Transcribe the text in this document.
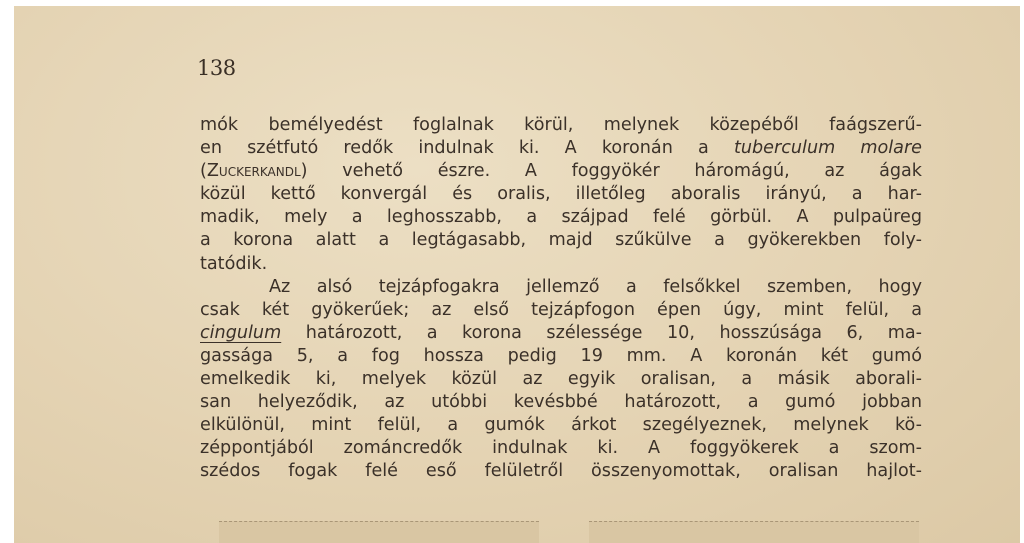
138
mók bemélyedést foglalnak körül, melynek közepéből faágszerű-
en szétfutó redők indulnak ki. A koronán a tuberculum molare
(Zuckerkandl) vehető észre. A foggyökér háromágú, az ágak
közül kettő konvergál és oralis, illetőleg aboralis irányú, a har-
madik, mely a leghosszabb, a szájpad felé görbül. A pulpaüreg
a korona alatt a legtágasabb, majd szűkülve a gyökerekben foly-
tatódik.
Az alsó tejzápfogakra jellemző a felsőkkel szemben, hogy
csak két gyökerűek; az első tejzápfogon épen úgy, mint felül, a
cingulum határozott, a korona szélessége 10, hosszúsága 6, ma-
gassága 5, a fog hossza pedig 19 mm. A koronán két gumó
emelkedik ki, melyek közül az egyik oralisan, a másik aborali-
san helyeződik, az utóbbi kevésbbé határozott, a gumó jobban
elkülönül, mint felül, a gumók árkot szegélyeznek, melynek kö-
zéppontjából zománcredők indulnak ki. A foggyökerek a szom-
szédos fogak felé eső felületről összenyomottak, oralisan hajlot-
